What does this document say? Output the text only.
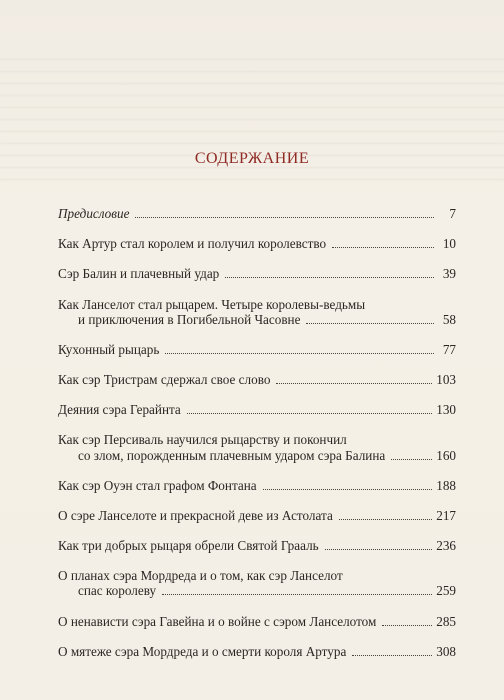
СОДЕРЖАНИЕ
Предисловие	7
Как Артур стал королем и получил королевство	10
Сэр Балин и плачевный удар	39
Как Ланселот стал рыцарем. Четыре королевы-ведьмы
и приключения в Погибельной Часовне	58
Кухонный рыцарь	77
Как сэр Тристрам сдержал свое слово	103
Деяния сэра Герайнта	130
Как сэр Персиваль научился рыцарству и покончил
со злом, порожденным плачевным ударом сэра Балина	160
Как сэр Оуэн стал графом Фонтана	188
О сэре Ланселоте и прекрасной деве из Астолата	217
Как три добрых рыцаря обрели Святой Грааль	236
О планах сэра Мордреда и о том, как сэр Ланселот
спас королеву	259
О ненависти сэра Гавейна и о войне с сэром Ланселотом	285
О мятеже сэра Мордреда и о смерти короля Артура	308
